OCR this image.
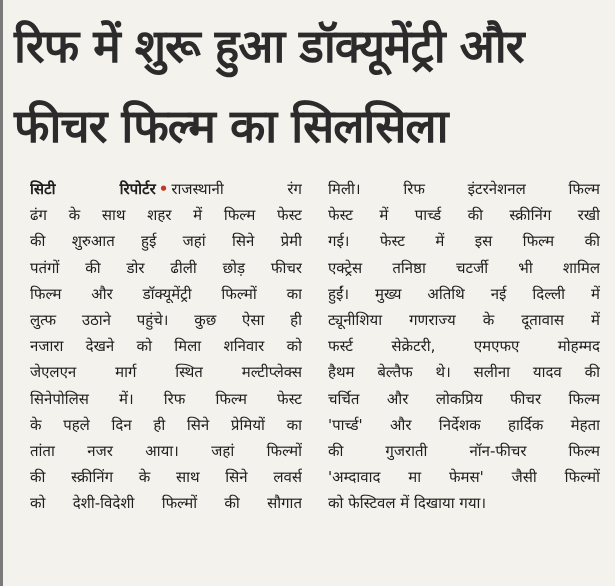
रिफ में शुरू हुआ डॉक्यूमेंट्री और
फीचर फिल्म का सिलसिला
सिटी रिपोर्टर • राजस्थानी रंग
ढंग के साथ शहर में फिल्म फेस्ट
की शुरुआत हुई जहां सिने प्रेमी
पतंगों की डोर ढीली छोड़ फीचर
फिल्म और डॉक्यूमेंट्री फिल्मों का
लुत्फ उठाने पहुंचे। कुछ ऐसा ही
नजारा देखने को मिला शनिवार को
जेएलएन मार्ग स्थित मल्टीप्लेक्स
सिनेपोलिस में। रिफ फिल्म फेस्ट
के पहले दिन ही सिने प्रेमियों का
तांता नजर आया। जहां फिल्मों
की स्क्रीनिंग के साथ सिने लवर्स
को देशी-विदेशी फिल्मों की सौगात
मिली। रिफ इंटरनेशनल फिल्म
फेस्ट में पार्च्ड की स्क्रीनिंग रखी
गई। फेस्ट में इस फिल्म की
एक्ट्रेस तनिष्ठा चटर्जी भी शामिल
हुईं। मुख्य अतिथि नई दिल्ली में
ट्यूनीशिया गणराज्य के दूतावास में
फर्स्ट सेक्रेटरी, एमएफए मोहम्मद
हैथम बेल्तैफ थे। सलीना यादव की
चर्चित और लोकप्रिय फीचर फिल्म
'पार्च्ड' और निर्देशक हार्दिक मेहता
की गुजराती नॉन-फीचर फिल्म
'अम्दावाद मा फेमस' जैसी फिल्मों
को फेस्टिवल में दिखाया गया।
